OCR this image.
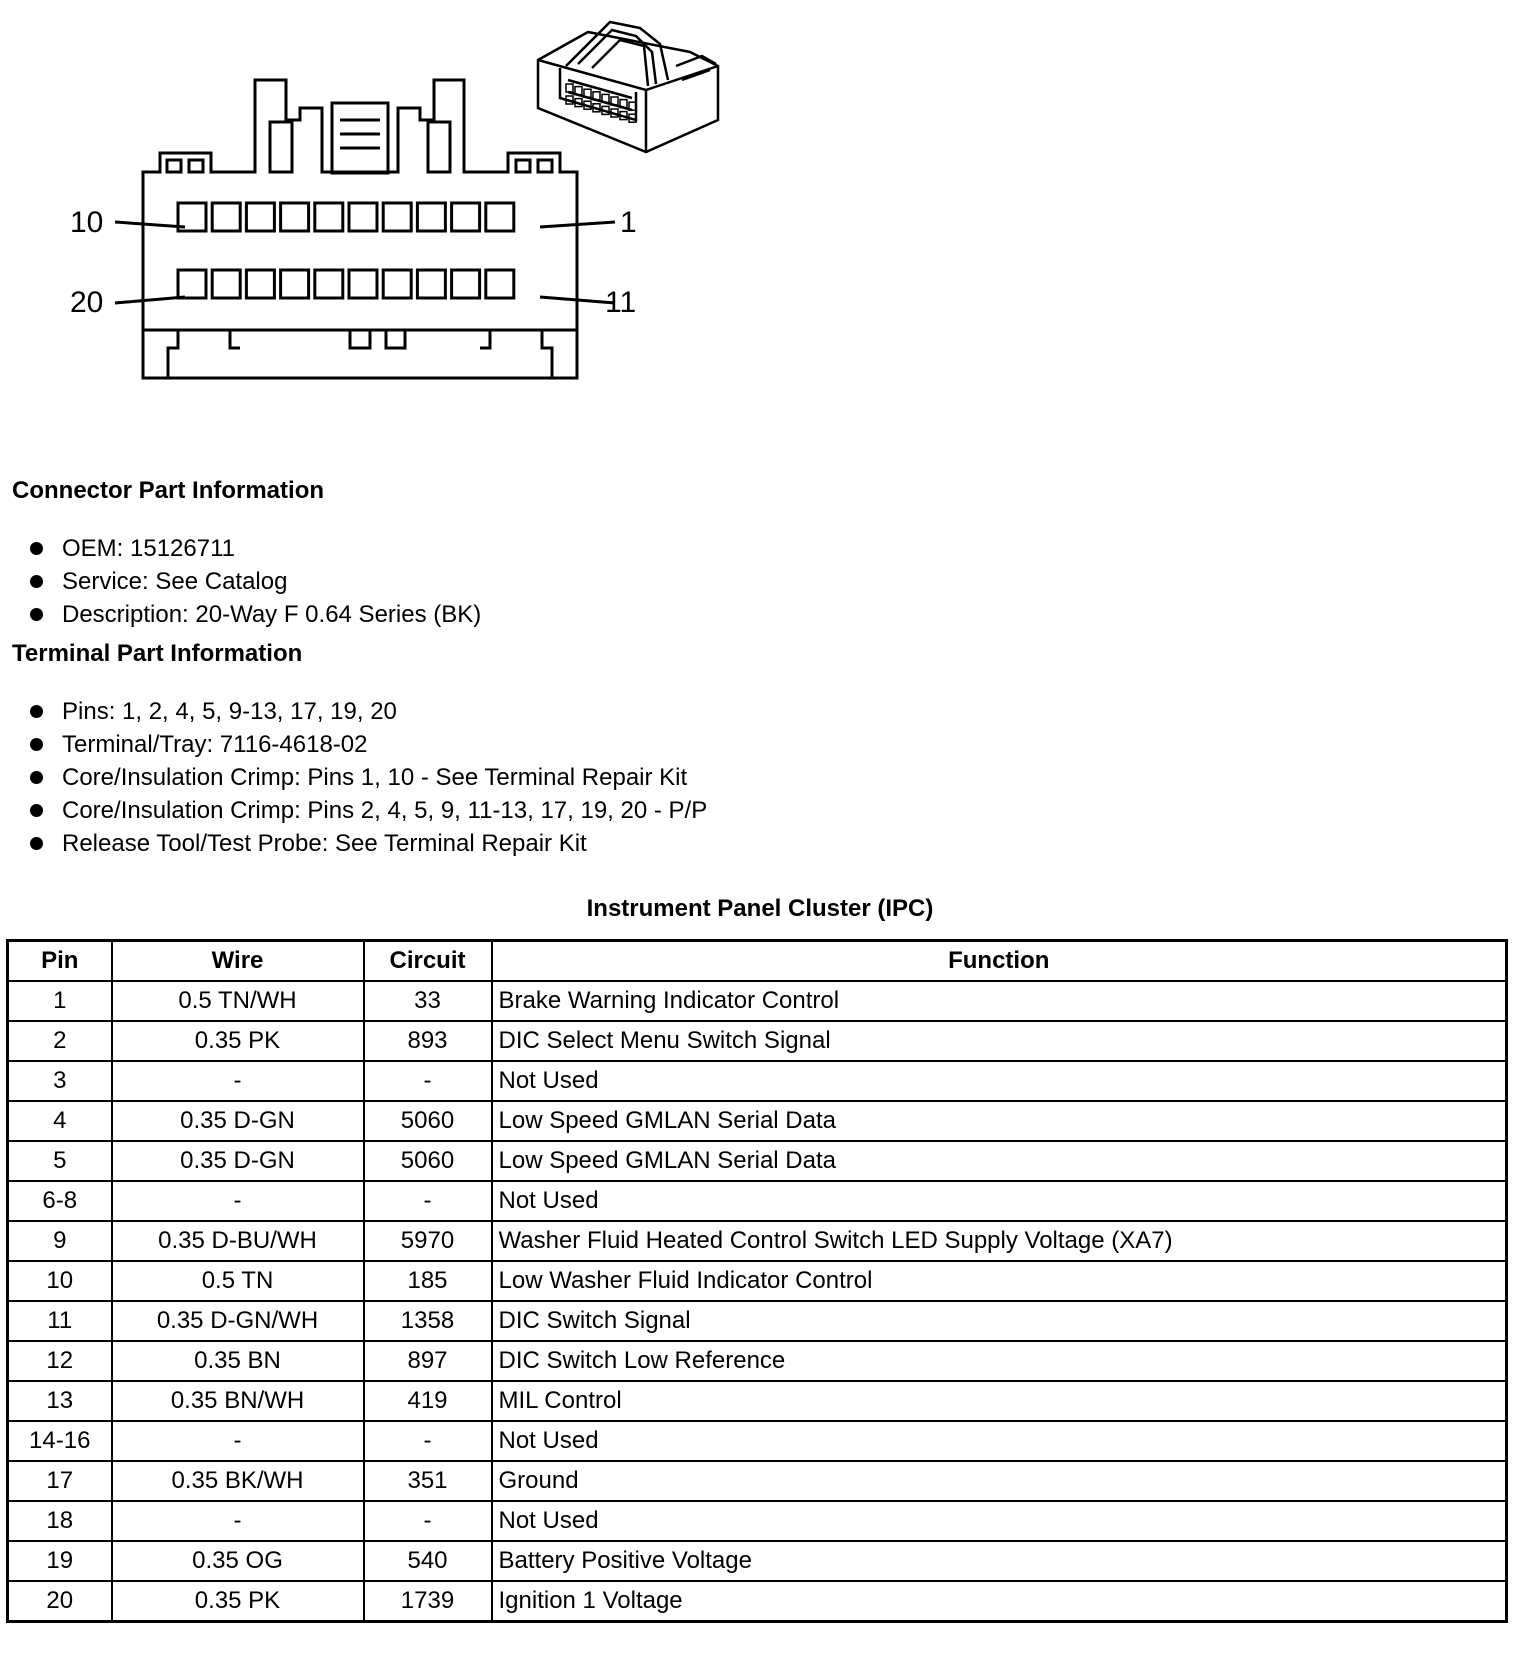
10	1
20	11
Connector Part Information
OEM: 15126711
Service: See Catalog
Description: 20-Way F 0.64 Series (BK)
Terminal Part Information
Pins: 1, 2, 4, 5, 9-13, 17, 19, 20
Terminal/Tray: 7116-4618-02
Core/Insulation Crimp: Pins 1, 10 - See Terminal Repair Kit
Core/Insulation Crimp: Pins 2, 4, 5, 9, 11-13, 17, 19, 20 - P/P
Release Tool/Test Probe: See Terminal Repair Kit
Instrument Panel Cluster (IPC)
Pin	Wire	Circuit	Function
1	0.5 TN/WH	33	Brake Warning Indicator Control
2	0.35 PK	893	DIC Select Menu Switch Signal
3	-	-	Not Used
4	0.35 D-GN	5060	Low Speed GMLAN Serial Data
5	0.35 D-GN	5060	Low Speed GMLAN Serial Data
6-8	-	-	Not Used
9	0.35 D-BU/WH	5970	Washer Fluid Heated Control Switch LED Supply Voltage (XA7)
10	0.5 TN	185	Low Washer Fluid Indicator Control
11	0.35 D-GN/WH	1358	DIC Switch Signal
12	0.35 BN	897	DIC Switch Low Reference
13	0.35 BN/WH	419	MIL Control
14-16	-	-	Not Used
17	0.35 BK/WH	351	Ground
18	-	-	Not Used
19	0.35 OG	540	Battery Positive Voltage
20	0.35 PK	1739	Ignition 1 Voltage
